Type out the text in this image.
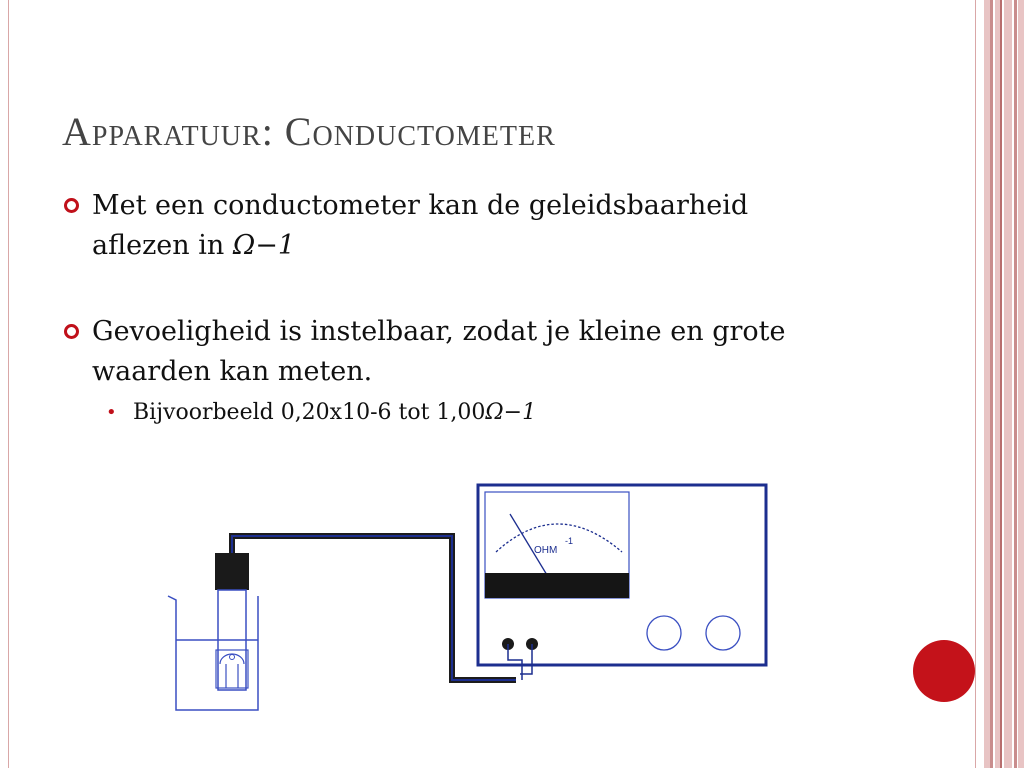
Apparatuur: Conductometer
Met een conductometer kan de geleidsbaarheid aflezen in Ω−1
Gevoeligheid is instelbaar, zodat je kleine en grote waarden kan meten.
• Bijvoorbeeld 0,20x10-6 tot 1,00Ω−1
OHM
-1
